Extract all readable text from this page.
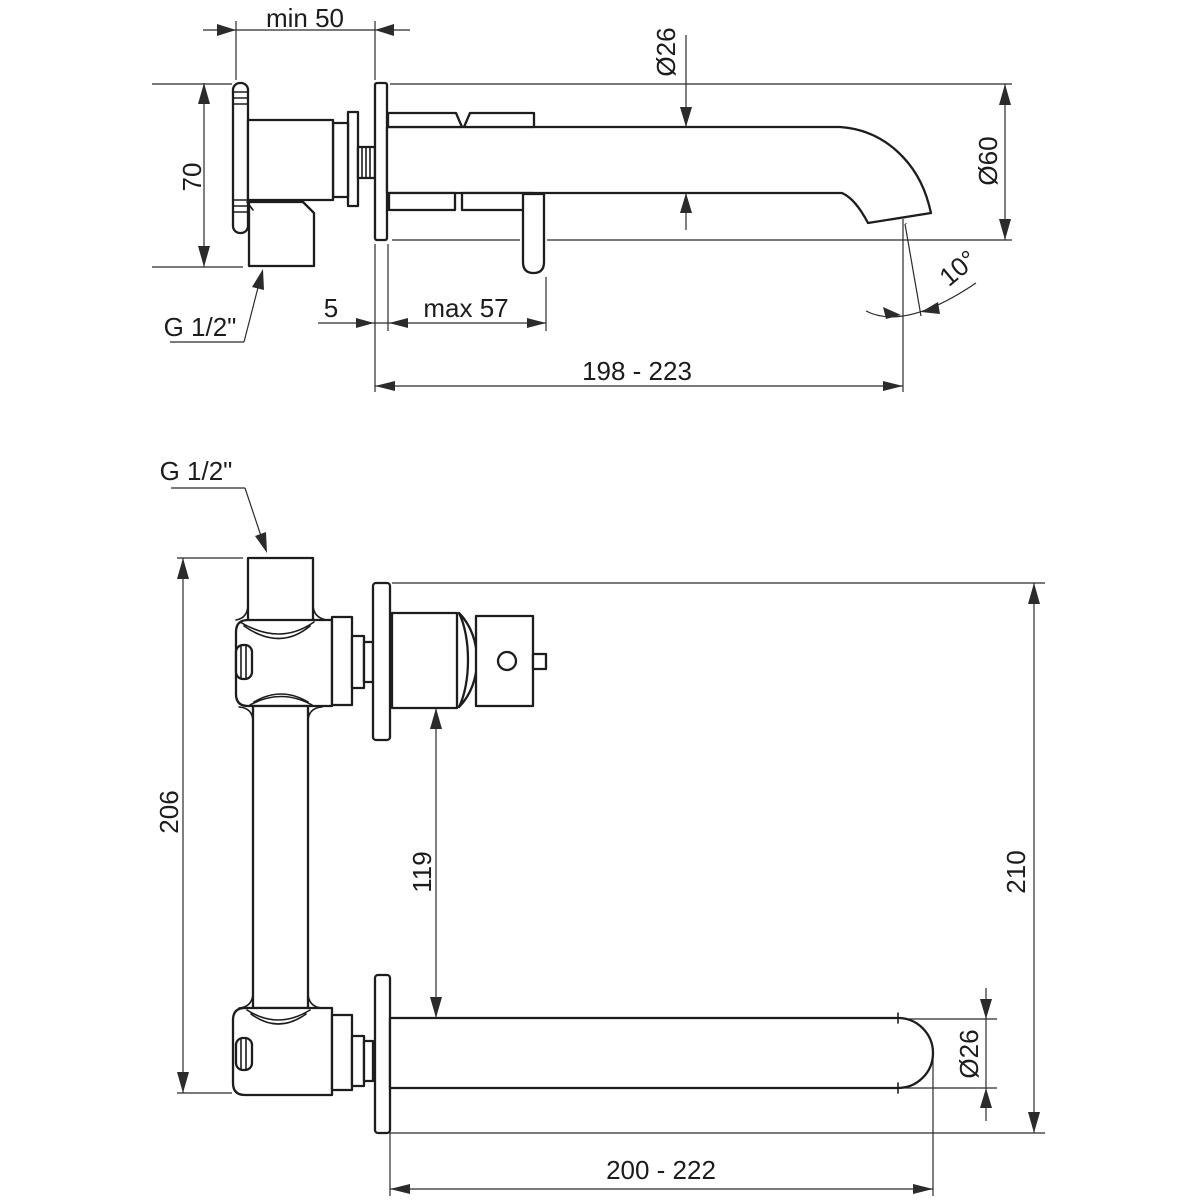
min 50
70
Ø26
Ø60
10°
G 1/2"
5	max 57
198 - 223
G 1/2"
206
119	210
Ø26
200 - 222
